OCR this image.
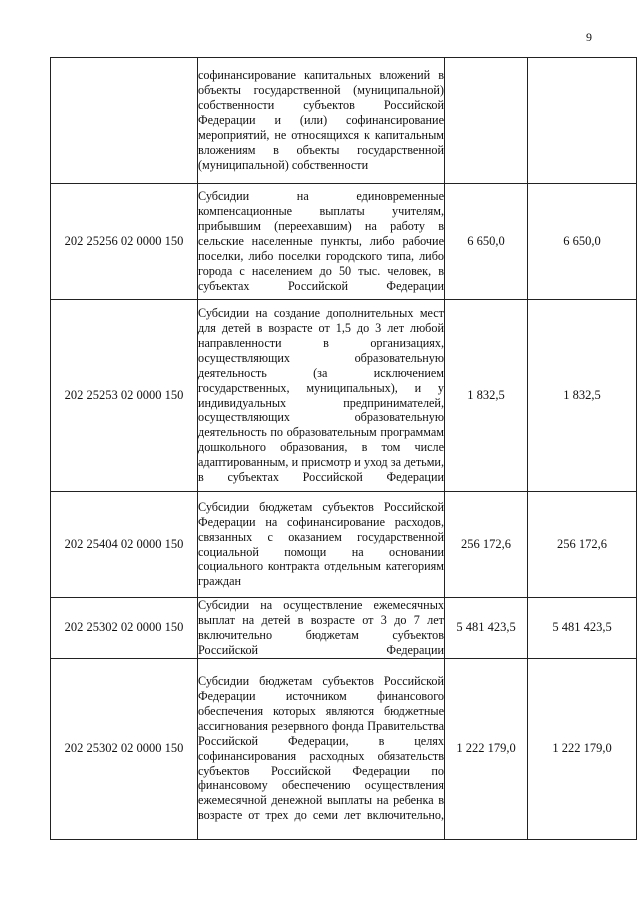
9
	софинансирование капитальных вложений в объекты государственной (муниципальной) собственности субъектов Российской Федерации и (или) софинансирование мероприятий, не относящихся к капитальным вложениям в объекты государственной (муниципальной) собственности		
202 25256 02 0000 150	Субсидии на единовременные компенсационные выплаты учителям, прибывшим (переехавшим) на работу в сельские населенные пункты, либо рабочие поселки, либо поселки городского типа, либо города с населением до 50 тыс. человек, в субъектах Российской Федерации	6 650,0	6 650,0
202 25253 02 0000 150	Субсидии на создание дополнительных мест для детей в возрасте от 1,5 до 3 лет любой направленности в организациях, осуществляющих образовательную деятельность (за исключением государственных, муниципальных), и у индивидуальных предпринимателей, осуществляющих образовательную деятельность по образовательным программам дошкольного образования, в том числе адаптированным, и присмотр и уход за детьми, в субъектах Российской Федерации	1 832,5	1 832,5
202 25404 02 0000 150	Субсидии бюджетам субъектов Российской Федерации на софинансирование расходов, связанных с оказанием государственной социальной помощи на основании социального контракта отдельным категориям граждан	256 172,6	256 172,6
202 25302 02 0000 150	Субсидии на осуществление ежемесячных выплат на детей в возрасте от 3 до 7 лет включительно бюджетам субъектов Российской Федерации	5 481 423,5	5 481 423,5
202 25302 02 0000 150	Субсидии бюджетам субъектов Российской Федерации источником финансового обеспечения которых являются бюджетные ассигнования резервного фонда Правительства Российской Федерации, в целях софинансирования расходных обязательств субъектов Российской Федерации по финансовому обеспечению осуществления ежемесячной денежной выплаты на ребенка в возрасте от трех до семи лет включительно,	1 222 179,0	1 222 179,0
